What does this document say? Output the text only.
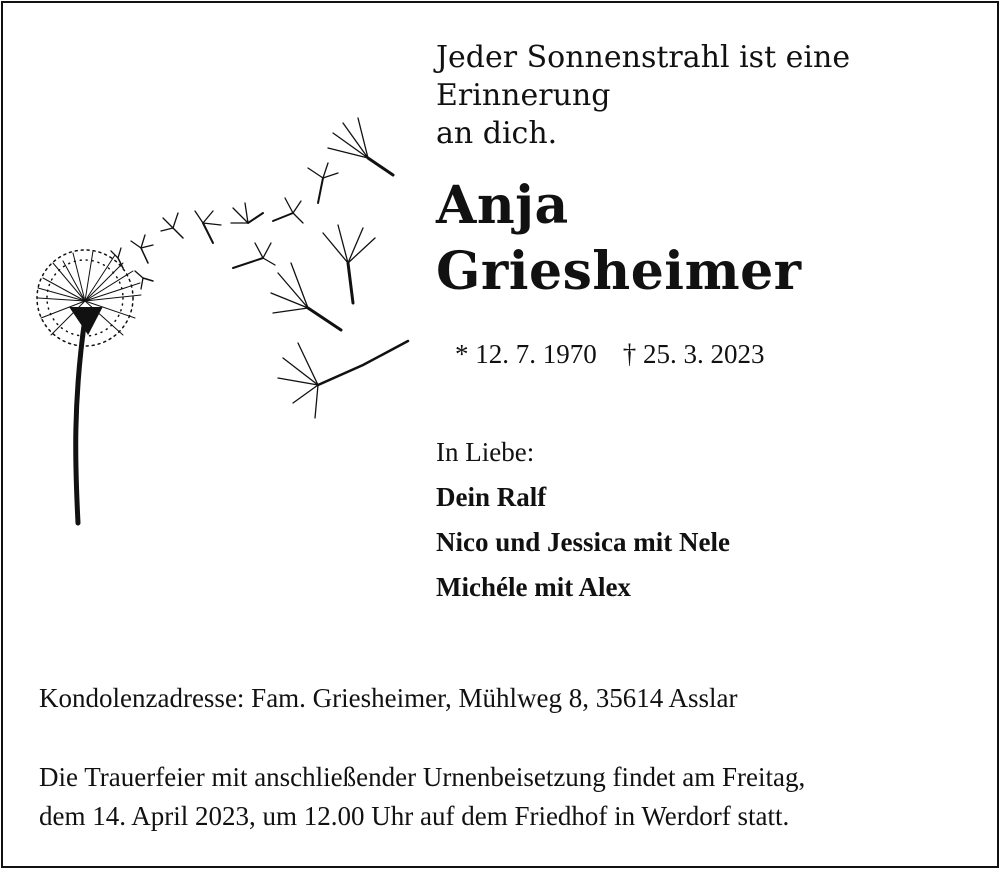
Jeder Sonnenstrahl ist eine Erinnerung
an dich.
Anja
Griesheimer
* 12. 7. 1970 † 25. 3. 2023
In Liebe:
Dein Ralf
Nico und Jessica mit Nele
Michéle mit Alex
Kondolenzadresse: Fam. Griesheimer, Mühlweg 8, 35614 Asslar
Die Trauerfeier mit anschließender Urnenbeisetzung findet am Freitag,
dem 14. April 2023, um 12.00 Uhr auf dem Friedhof in Werdorf statt.
